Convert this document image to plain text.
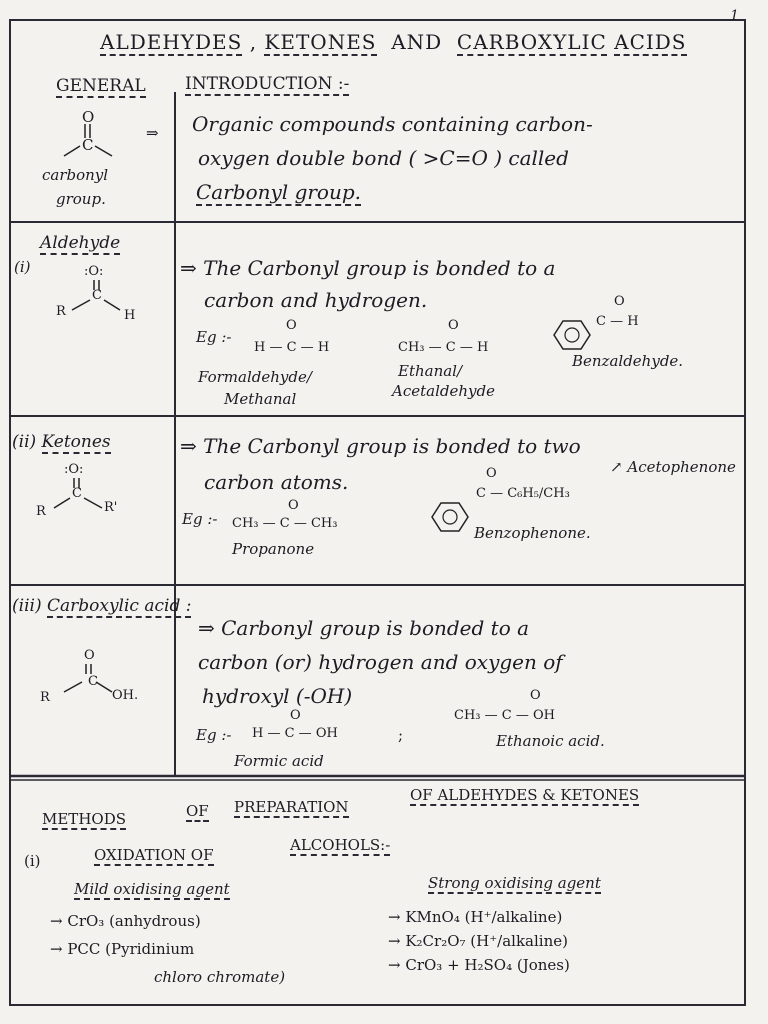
1
ALDEHYDES , KETONES AND CARBOXYLIC ACIDS
GENERAL INTRODUCTION :-
O
C
carbonyl
group.
⇒ Organic compounds containing carbon-
oxygen double bond ( >C=O ) called
Carbonyl group.
(i)
Aldehyde
:O:
C
R	H
⇒ The Carbonyl group is bonded to a
carbon and hydrogen.
Eg :-
O
H — C — H
Formaldehyde/
Methanal
O
CH₃ — C — H
Ethanal/
Acetaldehyde
O
C — H
Benzaldehyde.
(ii) Ketones
:O:
C
R	R'
⇒ The Carbonyl group is bonded to two
carbon atoms.
Eg :-
O
CH₃ — C — CH₃
Propanone
O
C — C₆H₅/CH₃
↗ Acetophenone
Benzophenone.
(iii) Carboxylic acid :
O
C
R	OH.
⇒ Carbonyl group is bonded to a
carbon (or) hydrogen and oxygen of
hydroxyl (-OH)
Eg :-
O
H — C — OH	;
Formic acid
O
CH₃ — C — OH
Ethanoic acid.
METHODS	OF PREPARATION
OF ALDEHYDES & KETONES
(i)	OXIDATION OF
ALCOHOLS:-
Mild oxidising agent	Strong oxidising agent
→ CrO₃ (anhydrous)
→ PCC (Pyridinium
chloro chromate)
→ KMnO₄ (H⁺/alkaline)
→ K₂Cr₂O₇ (H⁺/alkaline)
→ CrO₃ + H₂SO₄ (Jones)
